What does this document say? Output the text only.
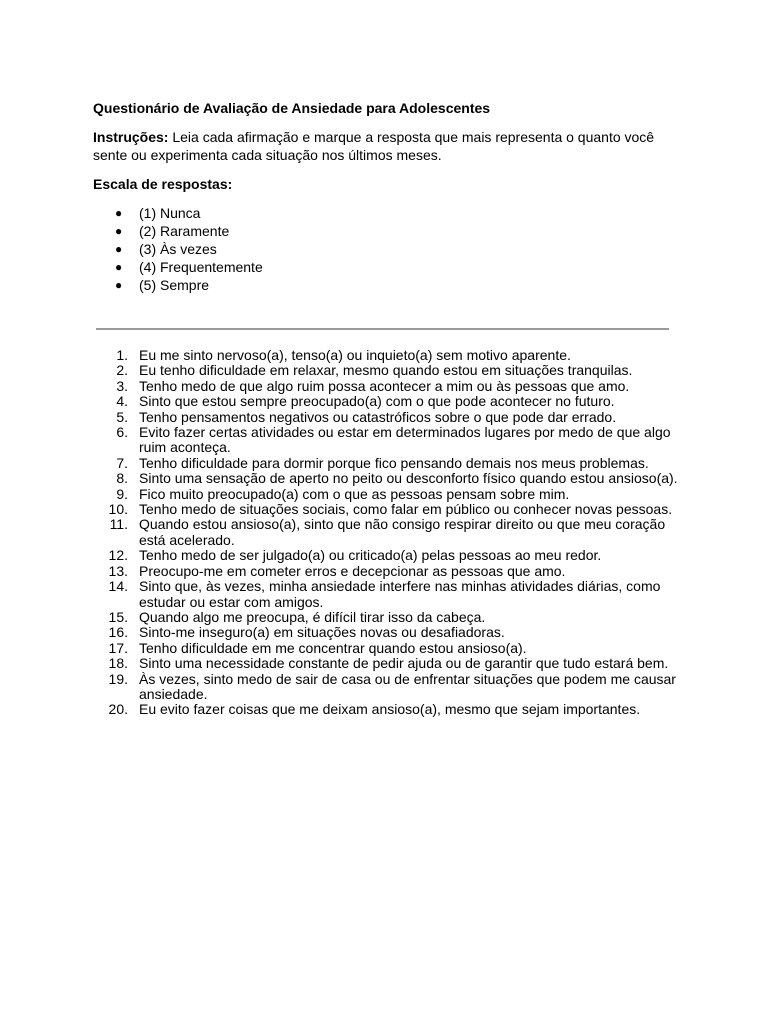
Questionário de Avaliação de Ansiedade para Adolescentes
Instruções: Leia cada afirmação e marque a resposta que mais representa o quanto você sente ou experimenta cada situação nos últimos meses.
Escala de respostas:
● (1) Nunca
● (2) Raramente
● (3) Às vezes
● (4) Frequentemente
● (5) Sempre
1. Eu me sinto nervoso(a), tenso(a) ou inquieto(a) sem motivo aparente.
2. Eu tenho dificuldade em relaxar, mesmo quando estou em situações tranquilas.
3. Tenho medo de que algo ruim possa acontecer a mim ou às pessoas que amo.
4. Sinto que estou sempre preocupado(a) com o que pode acontecer no futuro.
5. Tenho pensamentos negativos ou catastróficos sobre o que pode dar errado.
6. Evito fazer certas atividades ou estar em determinados lugares por medo de que algo ruim aconteça.
7. Tenho dificuldade para dormir porque fico pensando demais nos meus problemas.
8. Sinto uma sensação de aperto no peito ou desconforto físico quando estou ansioso(a).
9. Fico muito preocupado(a) com o que as pessoas pensam sobre mim.
10. Tenho medo de situações sociais, como falar em público ou conhecer novas pessoas.
11. Quando estou ansioso(a), sinto que não consigo respirar direito ou que meu coração está acelerado.
12. Tenho medo de ser julgado(a) ou criticado(a) pelas pessoas ao meu redor.
13. Preocupo-me em cometer erros e decepcionar as pessoas que amo.
14. Sinto que, às vezes, minha ansiedade interfere nas minhas atividades diárias, como estudar ou estar com amigos.
15. Quando algo me preocupa, é difícil tirar isso da cabeça.
16. Sinto-me inseguro(a) em situações novas ou desafiadoras.
17. Tenho dificuldade em me concentrar quando estou ansioso(a).
18. Sinto uma necessidade constante de pedir ajuda ou de garantir que tudo estará bem.
19. Às vezes, sinto medo de sair de casa ou de enfrentar situações que podem me causar ansiedade.
20. Eu evito fazer coisas que me deixam ansioso(a), mesmo que sejam importantes.
